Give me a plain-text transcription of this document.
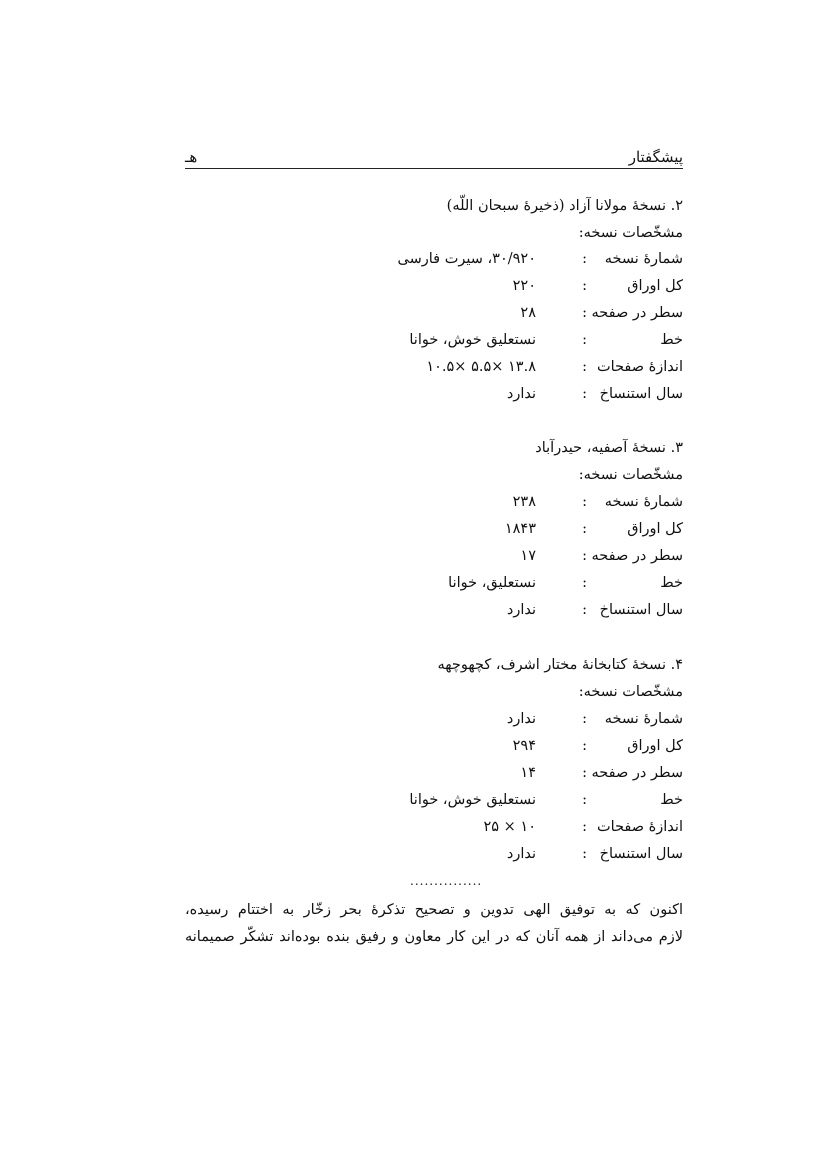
پیشگفتار
هـ
۲. نسخهٔ مولانا آزاد (ذخیرهٔ سبحان اللّه)
مشخّصات نسخه:
شمارهٔ نسخه
:
۳۰/۹۲۰، سیرت فارسی
کل اوراق
:
۲۲۰
سطر در صفحه
:
۲۸
خط
:
نستعلیق خوش، خوانا
اندازهٔ صفحات
:
۱۳.۸ ×۵.۵ ×۱۰.۵
سال استنساخ
:
ندارد
۳. نسخهٔ آصفیه، حیدرآباد
مشخّصات نسخه:
شمارهٔ نسخه
:
۲۳۸
کل اوراق
:
۱۸۴۳
سطر در صفحه
:
۱۷
خط
:
نستعلیق، خوانا
سال استنساخ
:
ندارد
۴. نسخهٔ کتابخانهٔ مختار اشرف، کچهوچهه
مشخّصات نسخه:
شمارهٔ نسخه
:
ندارد
کل اوراق
:
۲۹۴
سطر در صفحه
:
۱۴
خط
:
نستعلیق خوش، خوانا
اندازهٔ صفحات
:
۱۰ × ۲۵
سال استنساخ
:
ندارد
...............
اکنون که به توفیق الهی تدوین و تصحیح تذکرهٔ بحر زخّار به اختتام رسیده،
لازم می‌داند از همه آنان که در این کار معاون و رفیق بنده بوده‌اند تشکّر صمیمانه
